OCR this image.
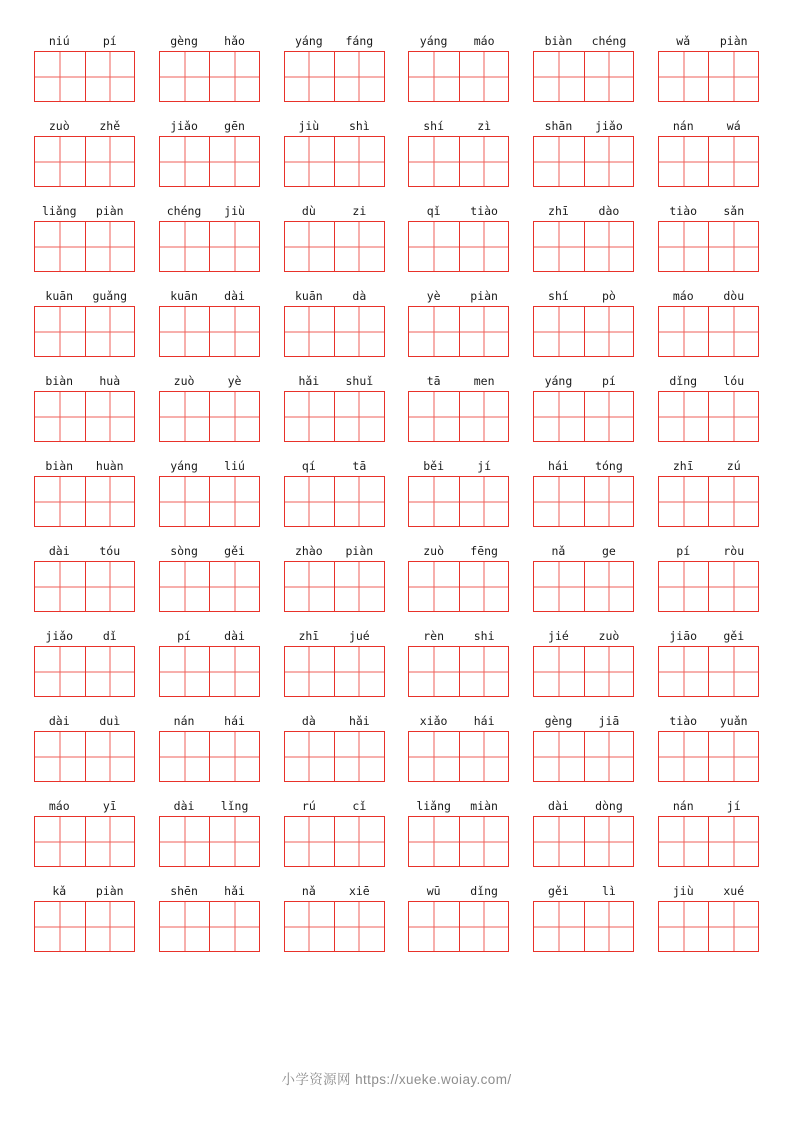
niú	pí	gèng	hǎo	yáng	fáng	yáng	máo	biàn	chéng	wǎ	piàn
zuò	zhě	jiǎo	gēn	jiù	shì	shí	zì	shān	jiǎo	nán	wá
liǎng	piàn	chéng	jiù	dù	zi	qǐ	tiào	zhī	dào	tiào	sǎn
kuān	guǎng	kuān	dài	kuān	dà	yè	piàn	shí	pò	máo	dòu
biàn	huà	zuò	yè	hǎi	shuǐ	tā	men	yáng	pí	dǐng	lóu
biàn	huàn	yáng	liú	qí	tā	běi	jí	hái	tóng	zhī	zú
dài	tóu	sòng	gěi	zhào	piàn	zuò	fēng	nǎ	ge	pí	ròu
jiǎo	dǐ	pí	dài	zhī	jué	rèn	shi	jié	zuò	jiāo	gěi
dài	duì	nán	hái	dà	hǎi	xiǎo	hái	gèng	jiā	tiào	yuǎn
máo	yī	dài	lǐng	rú	cǐ	liǎng	miàn	dài	dòng	nán	jí
kǎ	piàn	shēn	hǎi	nǎ	xiē	wū	dǐng	gěi	lì	jiù	xué
小学资源网 https://xueke.woiay.com/
